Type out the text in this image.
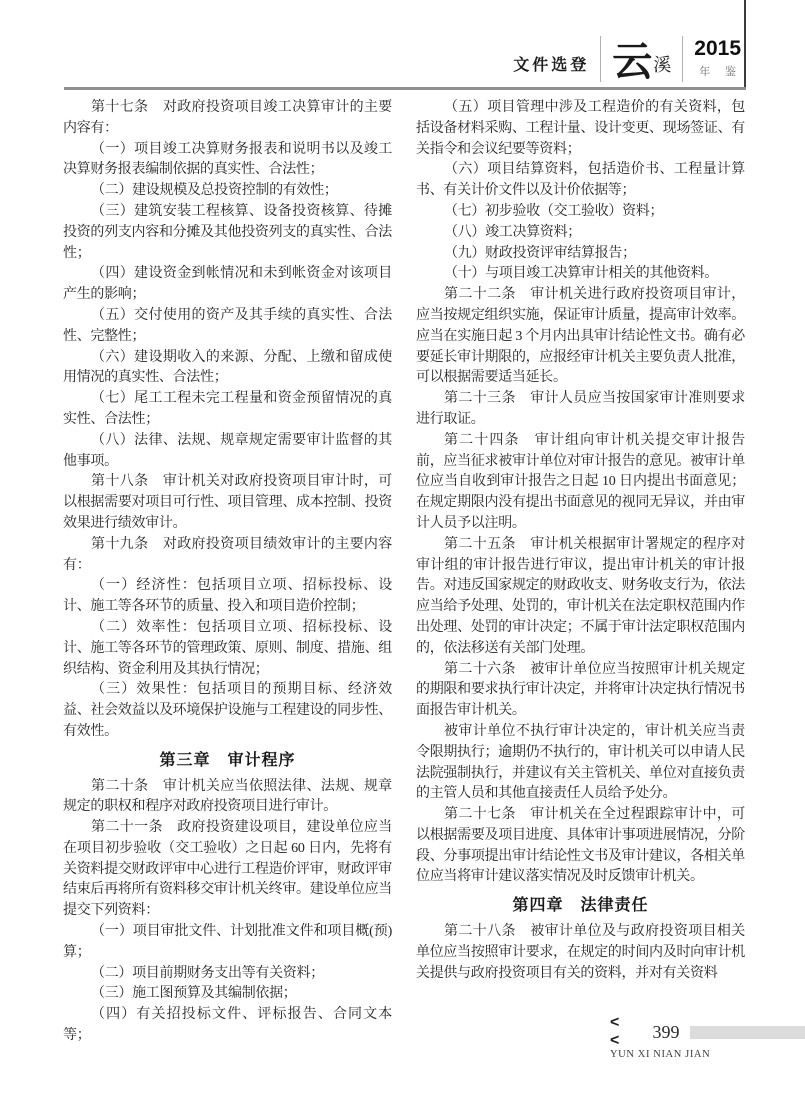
文件选登 云 溪
2015
年 鉴

第十七条　对政府投资项目竣工决算审计的主要内容有：

（一）项目竣工决算财务报表和说明书以及竣工决算财务报表编制依据的真实性、合法性；

（二）建设规模及总投资控制的有效性；

（三）建筑安装工程核算、设备投资核算、待摊投资的列支内容和分摊及其他投资列支的真实性、合法性；

（四）建设资金到帐情况和未到帐资金对该项目产生的影响；

（五）交付使用的资产及其手续的真实性、合法性、完整性；

（六）建设期收入的来源、分配、上缴和留成使用情况的真实性、合法性；

（七）尾工工程未完工程量和资金预留情况的真实性、合法性；

（八）法律、法规、规章规定需要审计监督的其他事项。

第十八条　审计机关对政府投资项目审计时，可以根据需要对项目可行性、项目管理、成本控制、投资效果进行绩效审计。

第十九条　对政府投资项目绩效审计的主要内容有：

（一）经济性：包括项目立项、招标投标、设计、施工等各环节的质量、投入和项目造价控制；

（二）效率性：包括项目立项、招标投标、设计、施工等各环节的管理政策、原则、制度、措施、组织结构、资金利用及其执行情况；

（三）效果性：包括项目的预期目标、经济效益、社会效益以及环境保护设施与工程建设的同步性、有效性。

第三章　审计程序

第二十条　审计机关应当依照法律、法规、规章规定的职权和程序对政府投资项目进行审计。

第二十一条　政府投资建设项目，建设单位应当在项目初步验收（交工验收）之日起 60 日内，先将有关资料提交财政评审中心进行工程造价评审，财政评审结束后再将所有资料移交审计机关终审。建设单位应当提交下列资料：

（一）项目审批文件、计划批准文件和项目概(预)算；

（二）项目前期财务支出等有关资料；

（三）施工图预算及其编制依据；

（四）有关招投标文件、评标报告、合同文本等；

（五）项目管理中涉及工程造价的有关资料，包括设备材料采购、工程计量、设计变更、现场签证、有关指令和会议纪要等资料；

（六）项目结算资料，包括造价书、工程量计算书、有关计价文件以及计价依据等；

（七）初步验收（交工验收）资料；

（八）竣工决算资料；

（九）财政投资评审结算报告；

（十）与项目竣工决算审计相关的其他资料。

第二十二条　审计机关进行政府投资项目审计，应当按规定组织实施，保证审计质量，提高审计效率。应当在实施日起 3 个月内出具审计结论性文书。确有必要延长审计期限的，应报经审计机关主要负责人批准，可以根据需要适当延长。

第二十三条　审计人员应当按国家审计准则要求进行取证。

第二十四条　审计组向审计机关提交审计报告前，应当征求被审计单位对审计报告的意见。被审计单位应当自收到审计报告之日起 10 日内提出书面意见；在规定期限内没有提出书面意见的视同无异议，并由审计人员予以注明。

第二十五条　审计机关根据审计署规定的程序对审计组的审计报告进行审议，提出审计机关的审计报告。对违反国家规定的财政收支、财务收支行为，依法应当给予处理、处罚的，审计机关在法定职权范围内作出处理、处罚的审计决定；不属于审计法定职权范围内的，依法移送有关部门处理。

第二十六条　被审计单位应当按照审计机关规定的期限和要求执行审计决定，并将审计决定执行情况书面报告审计机关。

被审计单位不执行审计决定的，审计机关应当责令限期执行；逾期仍不执行的，审计机关可以申请人民法院强制执行，并建议有关主管机关、单位对直接负责的主管人员和其他直接责任人员给予处分。

第二十七条　审计机关在全过程跟踪审计中，可以根据需要及项目进度、具体审计事项进展情况，分阶段、分事项提出审计结论性文书及审计建议，各相关单位应当将审计建议落实情况及时反馈审计机关。

第四章　法律责任

第二十八条　被审计单位及与政府投资项目相关单位应当按照审计要求，在规定的时间内及时向审计机关提供与政府投资项目有关的资料，并对有关资料

< <	399
YUN XI NIAN JIAN
